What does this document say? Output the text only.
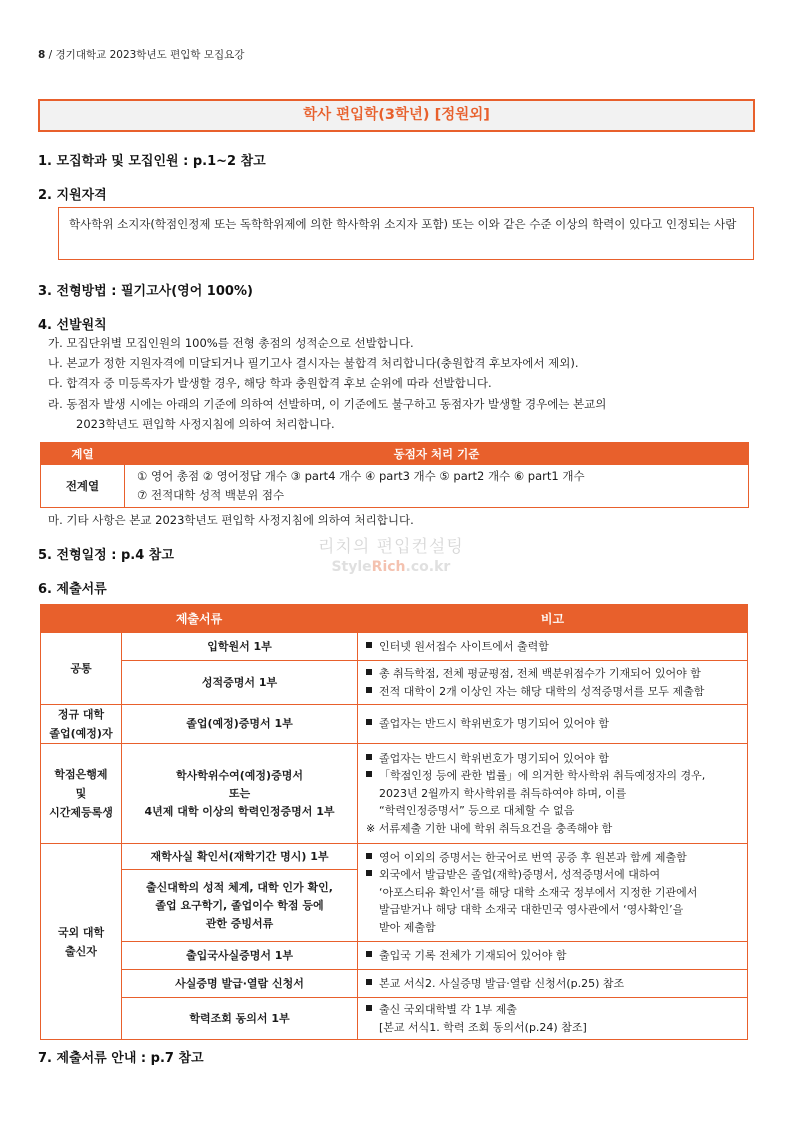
8 / 경기대학교 2023학년도 편입학 모집요강
학사 편입학(3학년) [정원외]
1. 모집학과 및 모집인원 : p.1~2 참고
2. 지원자격
학사학위 소지자(학점인정제 또는 독학학위제에 의한 학사학위 소지자 포함) 또는 이와 같은 수준 이상의 학력이 있다고 인정되는 사람
3. 전형방법 : 필기고사(영어 100%)
4. 선발원칙
가. 모집단위별 모집인원의 100%를 전형 총점의 성적순으로 선발합니다.
나. 본교가 정한 지원자격에 미달되거나 필기고사 결시자는 불합격 처리합니다(충원합격 후보자에서 제외).
다. 합격자 중 미등록자가 발생할 경우, 해당 학과 충원합격 후보 순위에 따라 선발합니다.
라. 동점자 발생 시에는 아래의 기준에 의하여 선발하며, 이 기준에도 불구하고 동점자가 발생할 경우에는 본교의
2023학년도 편입학 사정지침에 의하여 처리합니다.
계열	동점자 처리 기준
전계열	① 영어 총점 ② 영어정답 개수 ③ part4 개수 ④ part3 개수 ⑤ part2 개수 ⑥ part1 개수
⑦ 전적대학 성적 백분위 점수
마. 기타 사항은 본교 2023학년도 편입학 사정지침에 의하여 처리합니다.
5. 전형일정 : p.4 참고	리치의 편입컨설팅
StyleRich.co.kr
6. 제출서류
제출서류		비고
공통	입학원서 1부	인터넷 원서접수 사이트에서 출력함
	성적증명서 1부	총 취득학점, 전체 평균평점, 전체 백분위점수가 기재되어 있어야 함
전적 대학이 2개 이상인 자는 해당 대학의 성적증명서를 모두 제출함

정규 대학
졸업(예정)자	졸업(예정)증명서 1부	졸업자는 반드시 학위번호가 명기되어 있어야 함

학점은행제
및
시간제등록생	학사학위수여(예정)증명서
또는
4년제 대학 이상의 학력인정증명서 1부	졸업자는 반드시 학위번호가 명기되어 있어야 함
「학점인정 등에 관한 법률」에 의거한 학사학위 취득예정자의 경우,
2023년 2월까지 학사학위를 취득하여야 하며, 이를
“학력인정증명서” 등으로 대체할 수 없음
※ 서류제출 기한 내에 학위 취득요건을 충족해야 함

국외 대학
출신자	재학사실 확인서(재학기간 명시) 1부	영어 이외의 증명서는 한국어로 번역 공증 후 원본과 함께 제출함
외국에서 발급받은 졸업(재학)증명서, 성적증명서에 대하여
‘아포스티유 확인서’를 해당 대학 소재국 정부에서 지정한 기관에서
발급받거나 해당 대학 소재국 대한민국 영사관에서 ‘영사확인’을
받아 제출함

	출신대학의 성적 체계, 대학 인가 확인,
졸업 요구학기, 졸업이수 학점 등에
관한 증빙서류	

	출입국사실증명서 1부	출입국 기록 전체가 기재되어 있어야 함
	사실증명 발급·열람 신청서	본교 서식2. 사실증명 발급·열람 신청서(p.25) 참조
	학력조회 동의서 1부	출신 국외대학별 각 1부 제출
[본교 서식1. 학력 조회 동의서(p.24) 참조]
7. 제출서류 안내 : p.7 참고
